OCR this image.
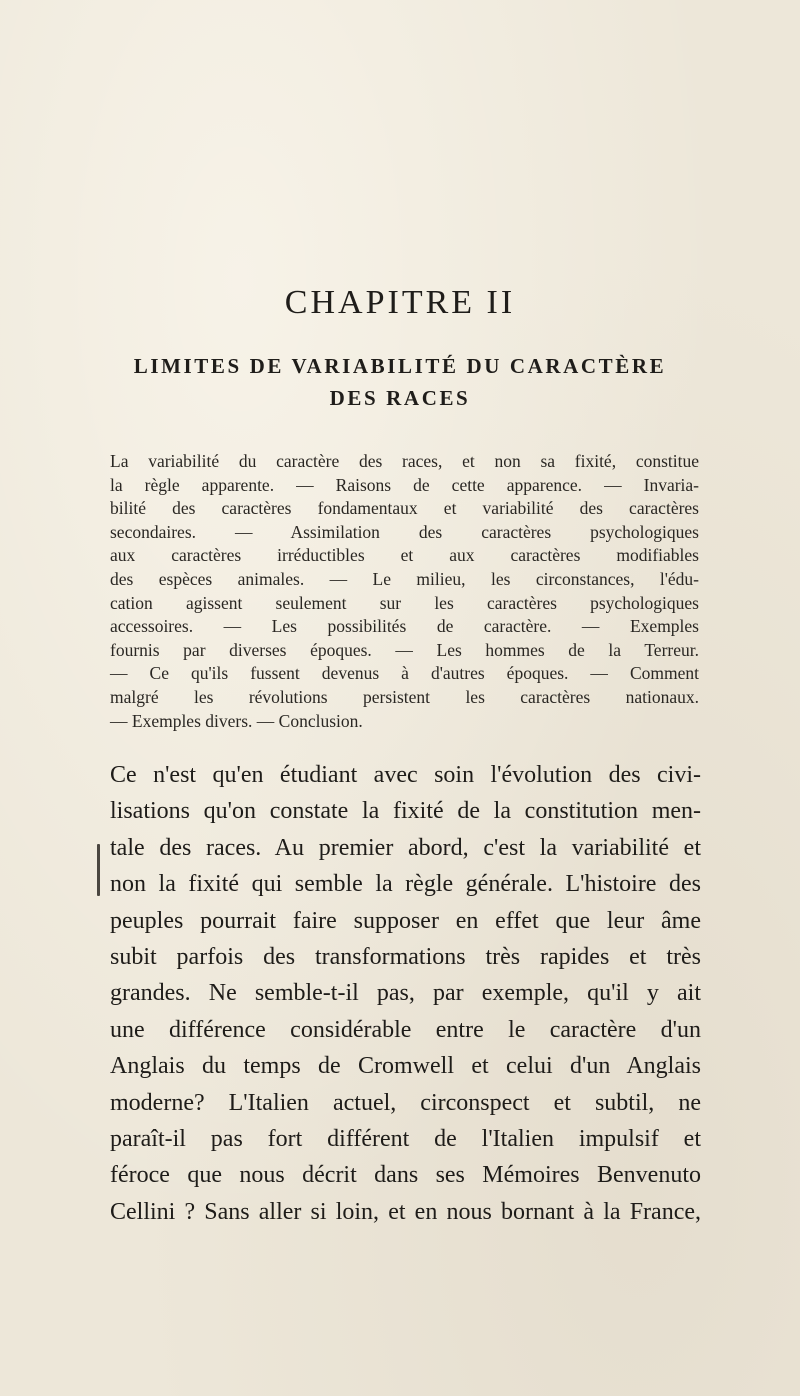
CHAPITRE II
LIMITES DE VARIABILITÉ DU CARACTÈRE
DES RACES
La variabilité du caractère des races, et non sa fixité, constitue
la règle apparente. — Raisons de cette apparence. — Invaria-
bilité des caractères fondamentaux et variabilité des caractères
secondaires. — Assimilation des caractères psychologiques
aux caractères irréductibles et aux caractères modifiables
des espèces animales. — Le milieu, les circonstances, l'édu-
cation agissent seulement sur les caractères psychologiques
accessoires. — Les possibilités de caractère. — Exemples
fournis par diverses époques. — Les hommes de la Terreur.
— Ce qu'ils fussent devenus à d'autres époques. — Comment
malgré les révolutions persistent les caractères nationaux.
— Exemples divers. — Conclusion.
Ce n'est qu'en étudiant avec soin l'évolution des civi-
lisations qu'on constate la fixité de la constitution men-
tale des races. Au premier abord, c'est la variabilité et
non la fixité qui semble la règle générale. L'histoire des
peuples pourrait faire supposer en effet que leur âme
subit parfois des transformations très rapides et très
grandes. Ne semble-t-il pas, par exemple, qu'il y ait
une différence considérable entre le caractère d'un
Anglais du temps de Cromwell et celui d'un Anglais
moderne? L'Italien actuel, circonspect et subtil, ne
paraît-il pas fort différent de l'Italien impulsif et
féroce que nous décrit dans ses Mémoires Benvenuto
Cellini ? Sans aller si loin, et en nous bornant à la France,
